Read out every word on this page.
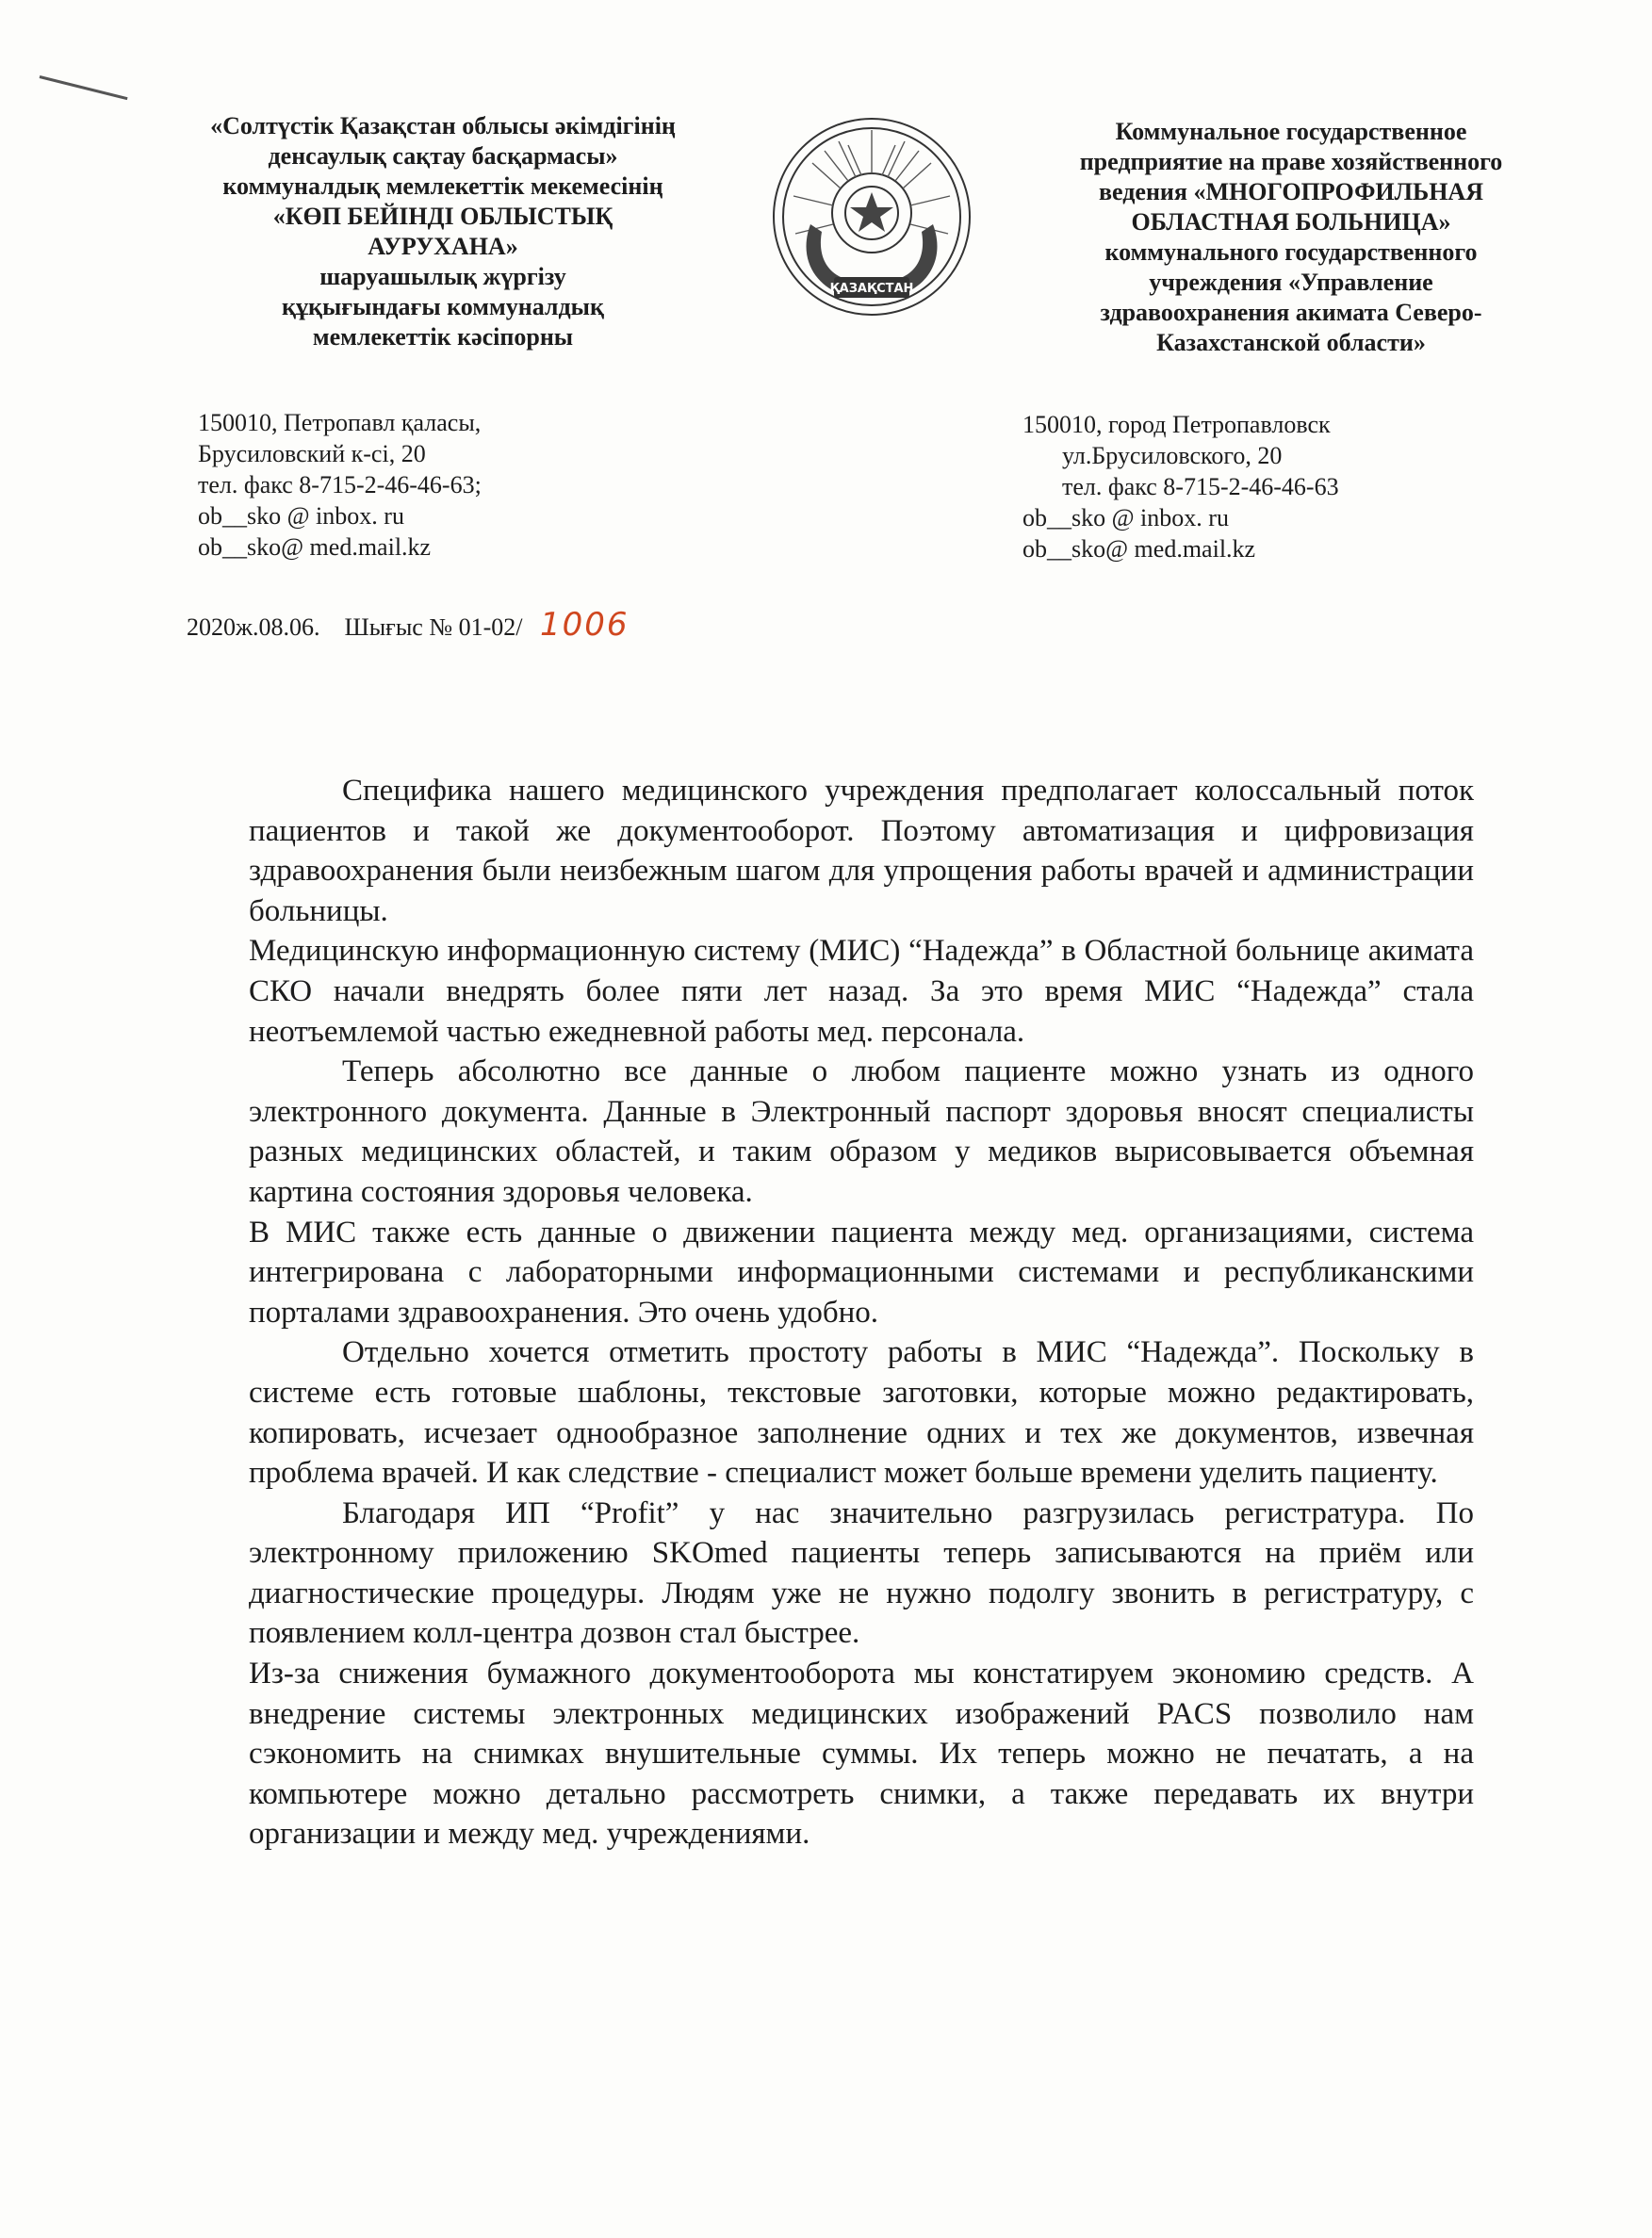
«Солтүстік Қазақстан облысы әкімдігінің
денсаулық сақтау басқармасы»
коммуналдық мемлекеттік мекемесінің
«КӨП БЕЙІНДІ ОБЛЫСТЫҚ
АУРУХАНА»
шаруашылық жүргізу
құқығындағы коммуналдық
мемлекеттік кәсіпорны
ҚАЗАҚСТАН
Коммунальное государственное
предприятие на праве хозяйственного
ведения «МНОГОПРОФИЛЬНАЯ
ОБЛАСТНАЯ БОЛЬНИЦА»
коммунального государственного
учреждения «Управление
здравоохранения акимата Северо-
Казахстанской области»
150010, Петропавл қаласы,
Брусиловский к-сі, 20
тел. факс 8-715-2-46-46-63;
ob__sko @ inbox. ru
ob__sko@ med.mail.kz
150010, город Петропавловск
ул.Брусиловского, 20
тел. факс 8-715-2-46-46-63
ob__sko @ inbox. ru
ob__sko@ med.mail.kz
2020ж.08.06. Шығыс № 01-02/ 1006

Специфика нашего медицинского учреждения предполагает колоссальный поток пациентов и такой же документооборот. Поэтому автоматизация и цифровизация здравоохранения были неизбежным шагом для упрощения работы врачей и администрации больницы.

Медицинскую информационную систему (МИС) “Надежда” в Областной больнице акимата СКО начали внедрять более пяти лет назад. За это время МИС “Надежда” стала неотъемлемой частью ежедневной работы мед. персонала.

Теперь абсолютно все данные о любом пациенте можно узнать из одного электронного документа. Данные в Электронный паспорт здоровья вносят специалисты разных медицинских областей, и таким образом у медиков вырисовывается объемная картина состояния здоровья человека.

В МИС также есть данные о движении пациента между мед. организациями, система интегрирована с лабораторными информационными системами и республиканскими порталами здравоохранения. Это очень удобно.

Отдельно хочется отметить простоту работы в МИС “Надежда”. Поскольку в системе есть готовые шаблоны, текстовые заготовки, которые можно редактировать, копировать, исчезает однообразное заполнение одних и тех же документов, извечная проблема врачей. И как следствие - специалист может больше времени уделить пациенту.

Благодаря ИП “Profit” у нас значительно разгрузилась регистратура. По электронному приложению SKOmed пациенты теперь записываются на приём или диагностические процедуры. Людям уже не нужно подолгу звонить в регистратуру, с появлением колл-центра дозвон стал быстрее.

Из-за снижения бумажного документооборота мы констатируем экономию средств. А внедрение системы электронных медицинских изображений PACS позволило нам сэкономить на снимках внушительные суммы. Их теперь можно не печатать, а на компьютере можно детально рассмотреть снимки, а также передавать их внутри организации и между мед. учреждениями.
